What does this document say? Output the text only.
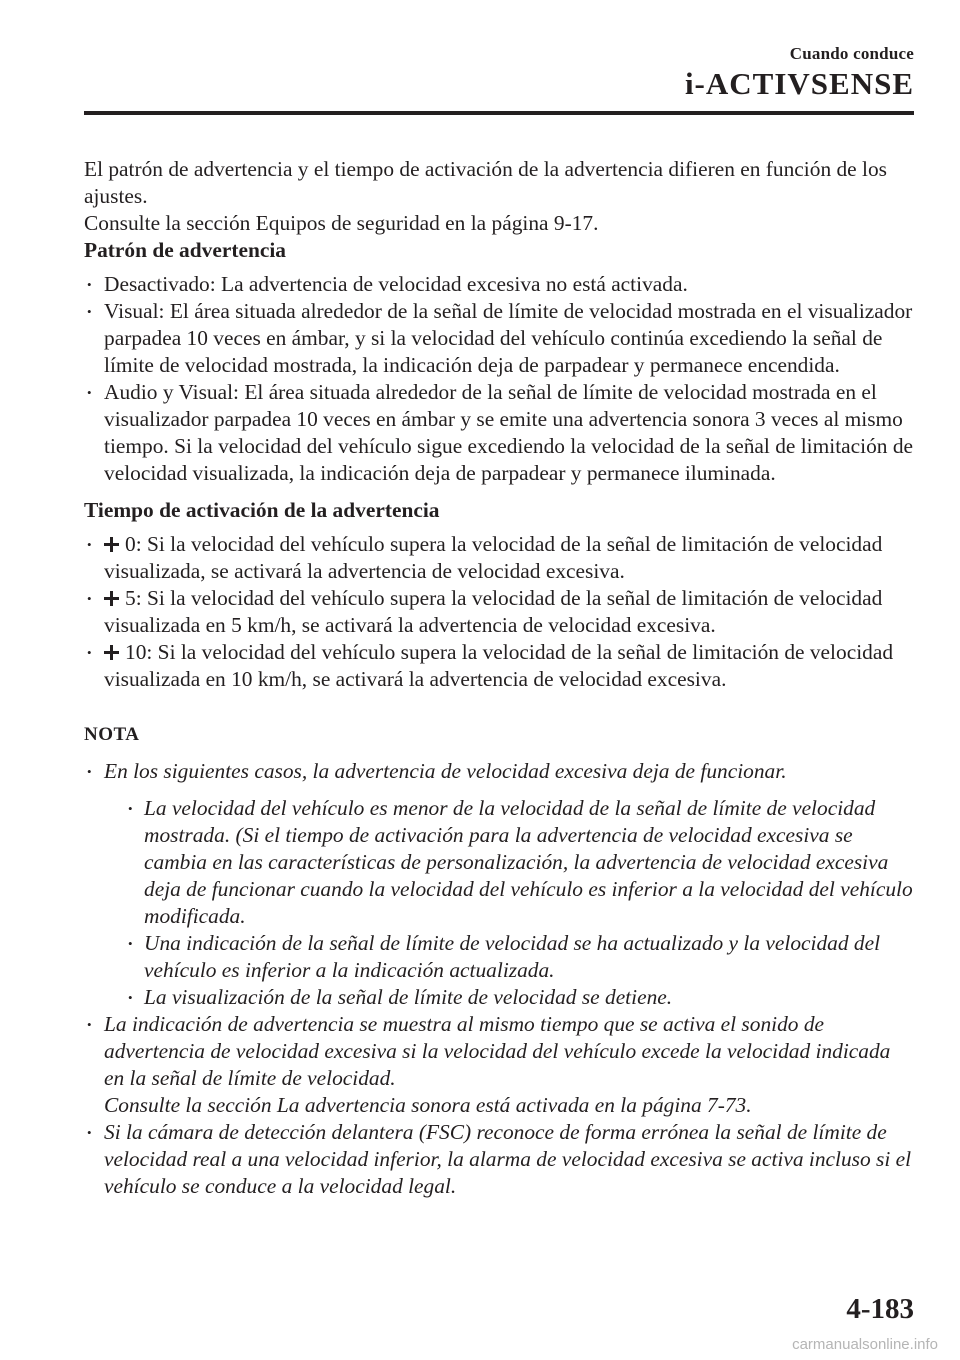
Cuando conduce
i-ACTIVSENSE

El patrón de advertencia y el tiempo de activación de la advertencia difieren en función de los ajustes.

Consulte la sección Equipos de seguridad en la página 9-17.

Patrón de advertencia

• Desactivado: La advertencia de velocidad excesiva no está activada.
• Visual: El área situada alrededor de la señal de límite de velocidad mostrada en el visualizador parpadea 10 veces en ámbar, y si la velocidad del vehículo continúa excediendo la señal de límite de velocidad mostrada, la indicación deja de parpadear y permanece encendida.
• Audio y Visual: El área situada alrededor de la señal de límite de velocidad mostrada en el visualizador parpadea 10 veces en ámbar y se emite una advertencia sonora 3 veces al mismo tiempo. Si la velocidad del vehículo sigue excediendo la velocidad de la señal de limitación de velocidad visualizada, la indicación deja de parpadear y permanece iluminada.

Tiempo de activación de la advertencia

• 0: Si la velocidad del vehículo supera la velocidad de la señal de limitación de velocidad visualizada, se activará la advertencia de velocidad excesiva.
• 5: Si la velocidad del vehículo supera la velocidad de la señal de limitación de velocidad visualizada en 5 km/h, se activará la advertencia de velocidad excesiva.
• 10: Si la velocidad del vehículo supera la velocidad de la señal de limitación de velocidad visualizada en 10 km/h, se activará la advertencia de velocidad excesiva.

NOTA

• En los siguientes casos, la advertencia de velocidad excesiva deja de funcionar.
• La velocidad del vehículo es menor de la velocidad de la señal de límite de velocidad mostrada. (Si el tiempo de activación para la advertencia de velocidad excesiva se cambia en las características de personalización, la advertencia de velocidad excesiva deja de funcionar cuando la velocidad del vehículo es inferior a la velocidad del vehículo modificada.
• Una indicación de la señal de límite de velocidad se ha actualizado y la velocidad del vehículo es inferior a la indicación actualizada.
• La visualización de la señal de límite de velocidad se detiene.
• La indicación de advertencia se muestra al mismo tiempo que se activa el sonido de advertencia de velocidad excesiva si la velocidad del vehículo excede la velocidad indicada en la señal de límite de velocidad.
Consulte la sección La advertencia sonora está activada en la página 7-73.
• Si la cámara de detección delantera (FSC) reconoce de forma errónea la señal de límite de velocidad real a una velocidad inferior, la alarma de velocidad excesiva se activa incluso si el vehículo se conduce a la velocidad legal.
4-183
carmanualsonline.info
